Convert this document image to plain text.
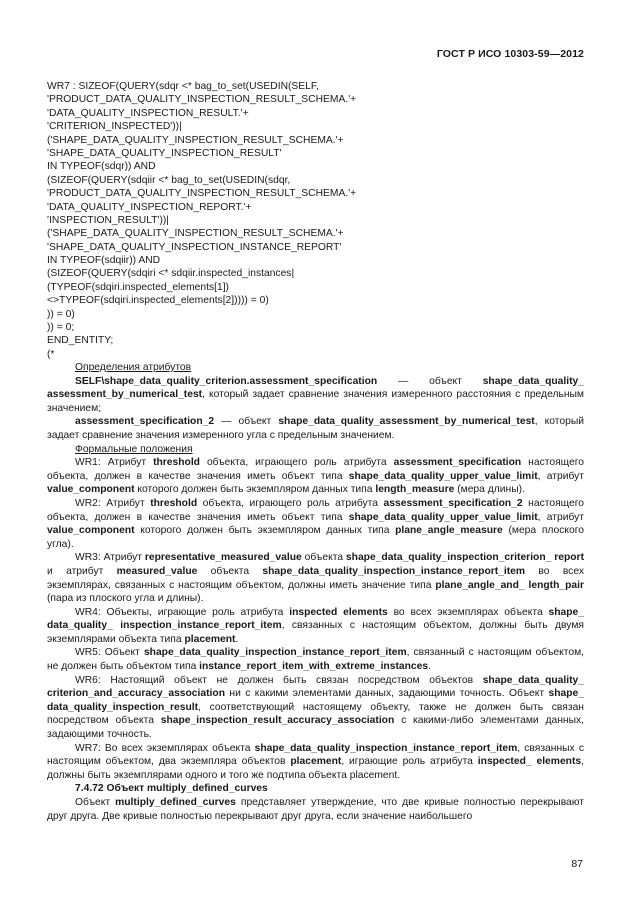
ГОСТ Р ИСО 10303-59—2012
WR7 : SIZEOF(QUERY(sdqr <* bag_to_set(USEDIN(SELF,
'PRODUCT_DATA_QUALITY_INSPECTION_RESULT_SCHEMA.'+
'DATA_QUALITY_INSPECTION_RESULT.'+
'CRITERION_INSPECTED'))|
('SHAPE_DATA_QUALITY_INSPECTION_RESULT_SCHEMA.'+
'SHAPE_DATA_QUALITY_INSPECTION_RESULT'
IN TYPEOF(sdqr)) AND
(SIZEOF(QUERY(sdqiir <* bag_to_set(USEDIN(sdqr,
'PRODUCT_DATA_QUALITY_INSPECTION_RESULT_SCHEMA.'+
'DATA_QUALITY_INSPECTION_REPORT.'+
'INSPECTION_RESULT'))|
('SHAPE_DATA_QUALITY_INSPECTION_RESULT_SCHEMA.'+
'SHAPE_DATA_QUALITY_INSPECTION_INSTANCE_REPORT'
IN TYPEOF(sdqiir)) AND
(SIZEOF(QUERY(sdqiri <* sdqiir.inspected_instances|
(TYPEOF(sdqiri.inspected_elements[1])
<>TYPEOF(sdqiri.inspected_elements[2])))) = 0)
)) = 0)
)) = 0;
END_ENTITY;
(*

Определения атрибутов

SELF\shape_data_quality_criterion.assessment_specification — объект shape_data_quality_ assessment_by_numerical_test, который задает сравнение значения измеренного расстояния с предельным значением;

assessment_specification_2 — объект shape_data_quality_assessment_by_numerical_test, который задает сравнение значения измеренного угла с предельным значением.

Формальные положения

WR1: Атрибут threshold объекта, играющего роль атрибута assessment_specification настоящего объекта, должен в качестве значения иметь объект типа shape_data_quality_upper_value_limit, атрибут value_component которого должен быть экземпляром данных типа length_measure (мера длины).

WR2: Атрибут threshold объекта, играющего роль атрибута assessment_specification_2 настоящего объекта, должен в качестве значения иметь объект типа shape_data_quality_upper_value_limit, атрибут value_component которого должен быть экземпляром данных типа plane_angle_measure (мера плоского угла).

WR3: Атрибут representative_measured_value объекта shape_data_quality_inspection_criterion_ report и атрибут measured_value объекта shape_data_quality_inspection_instance_report_item во всех экземплярах, связанных с настоящим объектом, должны иметь значение типа plane_angle_and_ length_pair (пара из плоского угла и длины).

WR4: Объекты, играющие роль атрибута inspected elements во всех экземплярах объекта shape_ data_quality_ inspection_instance_report_item, связанных с настоящим объектом, должны быть двумя экземплярами объекта типа placement.

WR5: Объект shape_data_quality_inspection_instance_report_item, связанный с настоящим объектом, не должен быть объектом типа instance_report_item_with_extreme_instances.

WR6: Настоящий объект не должен быть связан посредством объектов shape_data_quality_ criterion_and_accuracy_association ни с какими элементами данных, задающими точность. Объект shape_ data_quality_inspection_result, соответствующий настоящему объекту, также не должен быть связан посредством объекта shape_inspection_result_accuracy_association с какими-либо элементами данных, задающими точность.

WR7: Во всех экземплярах объекта shape_data_quality_inspection_instance_report_item, связанных с настоящим объектом, два экземпляра объектов placement, играющие роль атрибута inspected_ elements, должны быть экземплярами одного и того же подтипа объекта placement.

7.4.72 Объект multiply_defined_curves

Объект multiply_defined_curves представляет утверждение, что две кривые полностью перекрывают друг друга. Две кривые полностью перекрывают друг друга, если значение наибольшего

87
